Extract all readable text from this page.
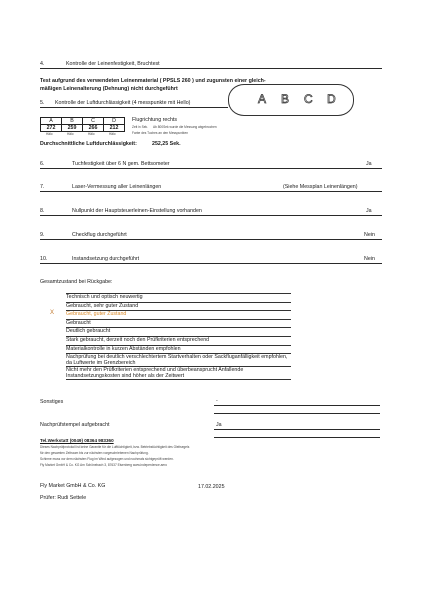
4.	Kontrolle der Leinenfestigkeit, Bruchtest
Test aufgrund des verwendeten Leinenmaterial ( PPSLS 260 ) und zugunsten einer gleich-
mäßigen Leinenalterung (Dehnung) nicht durchgeführt
5. Kontrolle der Luftdurchlässigkeit (4 messpunkte mit Hello)	A B C D
A	B	C	D
272	259	266	212
Hälo	Hälo	Hälo	Hälo
Flugrichtung rechts
Zeit in Sek. Ab 800Sek wurde die Messung abgebrochen
Farbe des Tuches an den Messpunkten
Durchschnittliche Luftdurchlässigkeit:	252,25 Sek.
6.	Tuchfestigkeit über 6 N gem. Bettsometer	Ja
7.	Laser-Vermessung aller Leinenlängen	(Siehe Messplan Leinenlängen)
8.	Nullpunkt der Hauptsteuerleinen-Einstellung vorhanden	Ja
9.	Checkflug durchgeführt	Nein
10.	Instandsetzung durchgeführt	Nein
Gesamtzustand bei Rückgabe:
X
Technisch und optisch neuwertig
Gebraucht, sehr guter Zustand
Gebraucht, guter Zustand
Gebraucht
Deutlich gebraucht
Stark gebraucht, derzeit noch den Prüfkriterien entsprechend
Materialkontrolle in kurzen Abständen empfohlen
Nachprüfung bei deutlich verschlechtertem Startverhalten oder Sackfluganfälligkeit empfohlen, da Luftwerte im Grenzbereich
Nicht mehr den Prüfkriterien entsprechend und überbeansprucht Anfallende Instandsetzungskosten sind höher als der Zeitwert
Sonstiges	-
Nachprüfstempel aufgebracht	Ja
Tel.Werkstatt (0049) 08364 983360
Dieses Nachprüfprotokoll ist keine Garantie für die Lufttüchtigkeit, bzw. Betriebstüchtigkeit des Gleitsegels
für den gesamten Zeitraum bis zur nächsten vorgeschriebenen Nachprüfung.
Schirme muss vor dem nächsten Flug im Wind aufgezogen und nochmals sichtgeprüft werden.
Fly Market GmbH & Co. KG Am Schönebach 3, 87637 Eisenberg www.indeperdence.aero
Fly Market GmbH & Co. KG	17.02.2025
Prüfer: Rudi Settele
